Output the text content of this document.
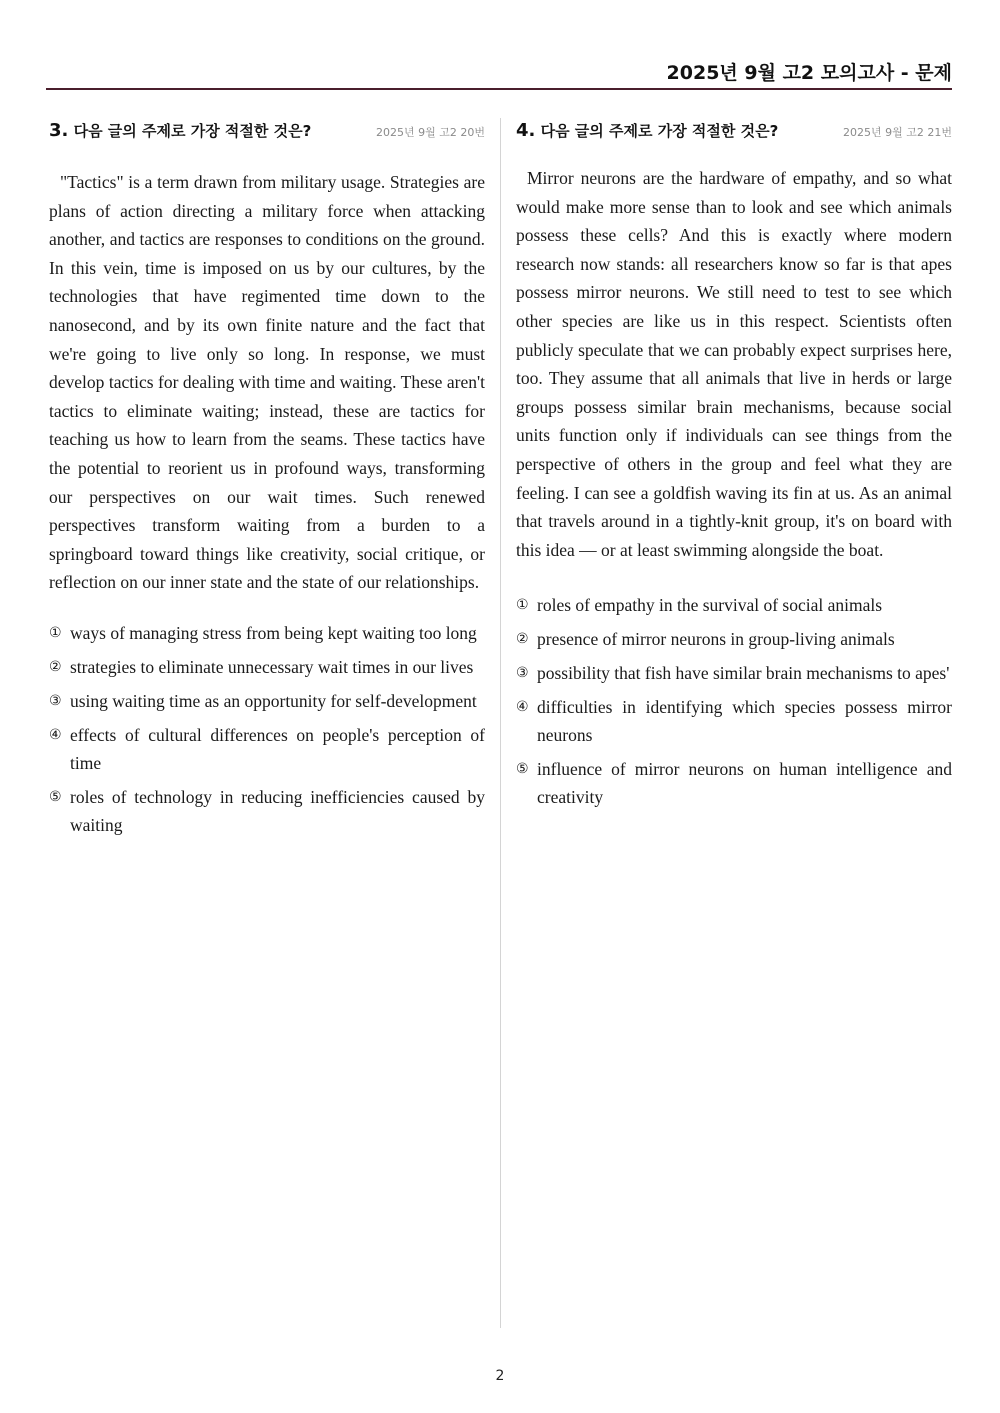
2025년 9월 고2 모의고사 - 문제
3. 다음 글의 주제로 가장 적절한 것은?	2025년 9월 고2 20번

"Tactics" is a term drawn from military usage. Strategies are plans of action directing a military force when attacking another, and tactics are responses to conditions on the ground. In this vein, time is imposed on us by our cultures, by the technologies that have regimented time down to the nanosecond, and by its own finite nature and the fact that we're going to live only so long. In response, we must develop tactics for dealing with time and waiting. These aren't tactics to eliminate waiting; instead, these are tactics for teaching us how to learn from the seams. These tactics have the potential to reorient us in profound ways, transforming our perspectives on our wait times. Such renewed perspectives transform waiting from a burden to a springboard toward things like creativity, social critique, or reflection on our inner state and the state of our relationships.

① ways of managing stress from being kept waiting too long
② strategies to eliminate unnecessary wait times in our lives
③ using waiting time as an opportunity for self-development
④ effects of cultural differences on people's perception of time
⑤ roles of technology in reducing inefficiencies caused by waiting
4. 다음 글의 주제로 가장 적절한 것은?	2025년 9월 고2 21번

Mirror neurons are the hardware of empathy, and so what would make more sense than to look and see which animals possess these cells? And this is exactly where modern research now stands: all researchers know so far is that apes possess mirror neurons. We still need to test to see which other species are like us in this respect. Scientists often publicly speculate that we can probably expect surprises here, too. They assume that all animals that live in herds or large groups possess similar brain mechanisms, because social units function only if individuals can see things from the perspective of others in the group and feel what they are feeling. I can see a goldfish waving its fin at us. As an animal that travels around in a tightly-knit group, it's on board with this idea — or at least swimming alongside the boat.

① roles of empathy in the survival of social animals
② presence of mirror neurons in group-living animals
③ possibility that fish have similar brain mechanisms to apes'
④ difficulties in identifying which species possess mirror neurons
⑤ influence of mirror neurons on human intelligence and creativity
2
